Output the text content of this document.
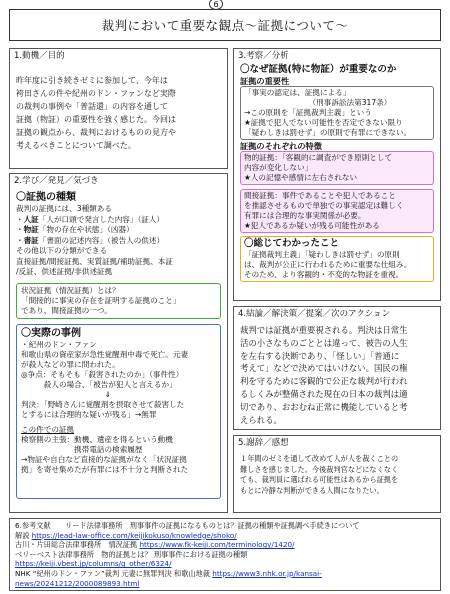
6
裁判において重要な観点～証拠について～
1.動機／目的
昨年度に引き続きゼミに参加して、今年は
袴田さんの件や紀州のドン・ファンなど実際
の裁判の事例や「普話還」の内容を通して
証拠（物証）の重要性を強く感じた。今回は
証拠の観点から、裁判におけるものの見方や
考えるべきことについて調べた。
2.学び／発見／気づき
〇証拠の種類
裁判の証拠には、3種類ある
・人証「人が口頭で発言した内容」（証人）
・物証「物の存在や状態」（凶器）
・書証「書面の記述内容」（被告人の供述）
その他以下の分類ができる
直接証拠/間接証拠、実質証拠/補助証拠、本証
/反証、供述証拠/非供述証拠
状況証拠（情況証拠）とは？
「間接的に事実の存在を証明する証拠のこと」
であり、間接証拠の一つ。
〇実際の事例
・紀州のドン・ファン
和歌山県の資産家が急性覚醒剤中毒で死亡。元妻
が殺人などの罪に問われた。
◎争点：そもそも「殺害されたのか」（事件性）
　　　殺人の場合、「被告が犯人と言えるか」
　　　　　　　　　　　⇓
判決：「野崎さんに覚醒剤を摂取させて殺害した
とするには合理的な疑いが残る」→無罪
この件での証拠
検察側の主張：動機、遺産を得るという動機
　　　　　　　携帯電話の検索履歴
→物証や自白など直接的な証拠がなく「状況証拠
拠」を寄せ集めたが有罪には不十分と判断された
3.考察／分析
〇なぜ証拠(特に物証）が重要なのか
証拠の重要性
「事実の認定は、証拠による」
　　　　　　　　　（刑事訴訟法第317条）
→この原則を「証拠裁判主義」という
★証拠で犯人でない可能性を否定できない限り
「疑わしきは罰せず」の原則で有罪にできない。
証拠のそれぞれの特徴
物的証拠：「客観的に調査ができ原則として
内容が変化しない」
★人の記憶や感情に左右されない
間接証拠：事件であることや犯人であること
を推認させるもので単独での事実認定は難しく
有罪には合理的な事実関係が必要。
★犯人であるか疑いが残る可能性がある
〇総じてわかったこと
「証拠裁判主義」「疑わしきは罰せず」の原則
は、裁判が公正に行われるために重要な仕組み。
そのため、より客観的・不変的な物証を重視。
4.結論／解決策／提案／次のアクション
裁判では証拠が重要視される。判決は日常生
活の小さなものごととは違って、被告の人生
を左右する決断であり、「怪しい」「普通に
考えて」などで決めてはいけない。国民の権
利を守るために客観的で公正な裁判が行われ
るしくみが整備された現在の日本の裁判は適
切であり、おおむね正常に機能していると考
えられる。
5.謝辞／感想
１年間のゼミを通して改めて人が人を裁くことの
難しさを感じました。今後裁判官などになくなく
ても、裁判員に選ばれる可能性はあるから証拠を
もとに冷静な判断ができる人間になりたい。
6.参考文献　　 リード法律事務所　刑事事件の証拠になるものとは？証拠の種類や証拠調べ手続きについて
解説 https://lead-law-office.com/keijikokuso/knowledge/shoko/
古川・片田総合法律事務所　情況証拠 https://www.fk-keiji.com/terminology/1420/
ベリーベスト法律事務所　物的証拠とは？ 刑事事件における証拠の種類
https://keiji.vbest.jp/columns/g_other/6324/
NHK “紀州のドン・ファン”裁判 元妻に無罪判決 和歌山地裁 https://www3.nhk.or.jp/kansai-
news/20241212/2000089893.html
